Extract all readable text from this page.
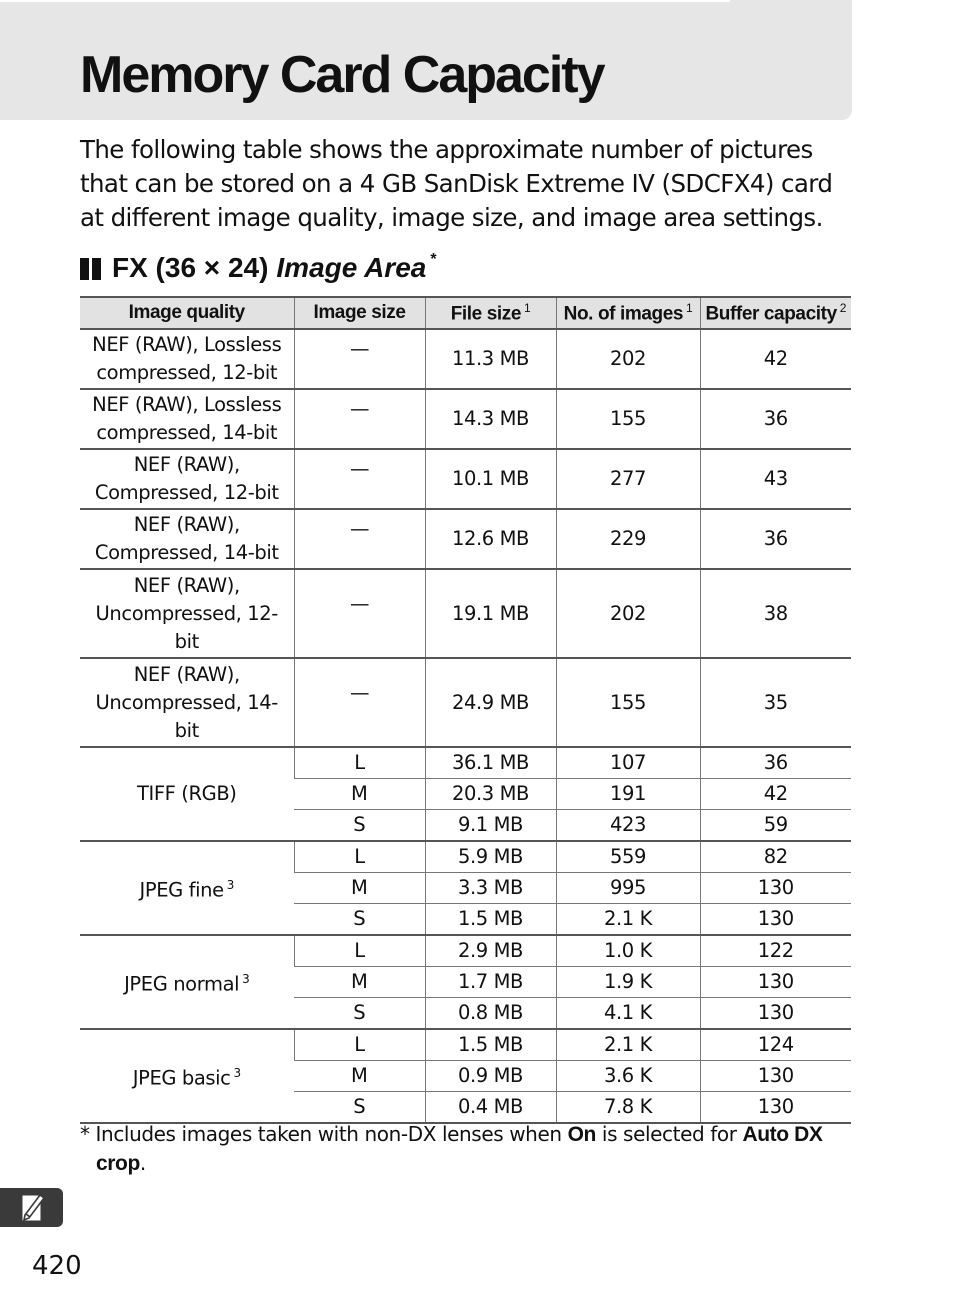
Memory Card Capacity

The following table shows the approximate number of pictures that can be stored on a 4 GB SanDisk Extreme IV (SDCFX4) card at different image quality, image size, and image area settings.

FX (36 × 24) Image Area *
Image quality	Image size	File size $^1$	No. of images $^1$	Buffer capacity $^2$
NEF (RAW), Lossless compressed, 12-bit	—	11.3 MB	202	42
NEF (RAW), Lossless compressed, 14-bit	—	14.3 MB	155	36
NEF (RAW), Compressed, 12-bit	—	10.1 MB	277	43
NEF (RAW), Compressed, 14-bit	—	12.6 MB	229	36
NEF (RAW), Uncompressed, 12-bit	—	19.1 MB	202	38
NEF (RAW), Uncompressed, 14-bit	—	24.9 MB	155	35
TIFF (RGB)	L	36.1 MB	107	36
	M	20.3 MB	191	42
	S	9.1 MB	423	59
JPEG fine $^3$	L	5.9 MB	559	82
	M	3.3 MB	995	130
	S	1.5 MB	2.1 K	130
JPEG normal $^3$	L	2.9 MB	1.0 K	122
	M	1.7 MB	1.9 K	130
	S	0.8 MB	4.1 K	130
JPEG basic $^3$	L	1.5 MB	2.1 K	124
	M	0.9 MB	3.6 K	130
	S	0.4 MB	7.8 K	130

* Includes images taken with non-DX lenses when On is selected for Auto DX crop.

420
